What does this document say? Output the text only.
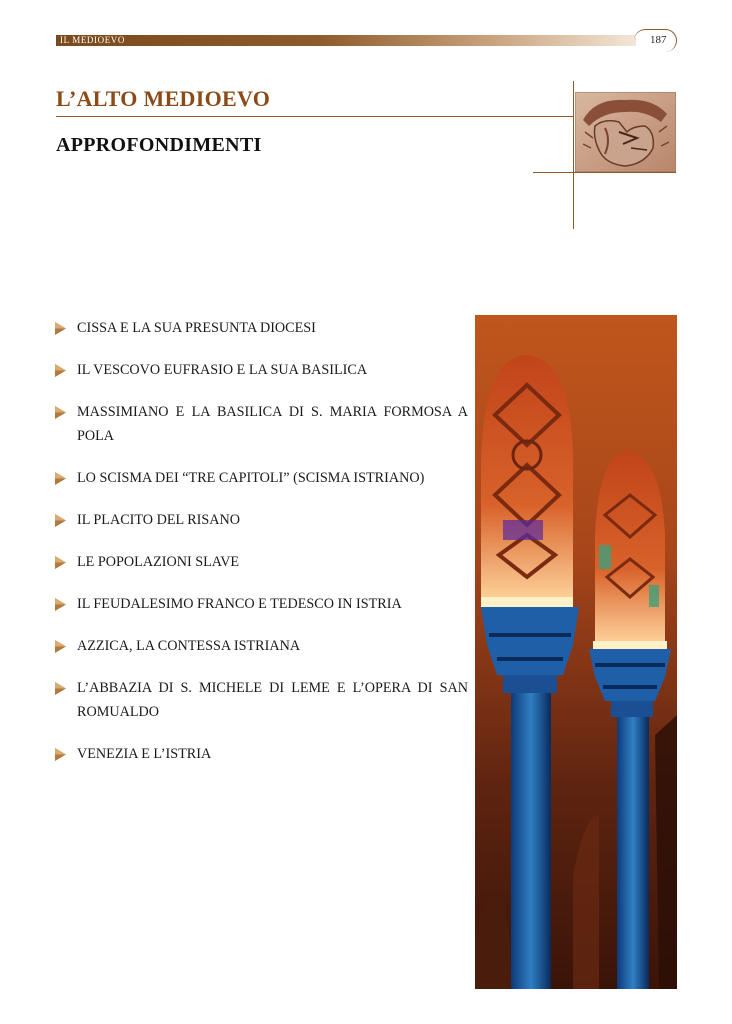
IL MEDIOEVO	187
L’ALTO MEDIOEVO
APPROFONDIMENTI
CISSA E LA SUA PRESUNTA DIOCESI
IL VESCOVO EUFRASIO E LA SUA BASILICA
MASSIMIANO E LA BASILICA DI S. MARIA FORMOSA A POLA
LO SCISMA DEI “TRE CAPITOLI” (SCISMA ISTRIANO)
IL PLACITO DEL RISANO
LE POPOLAZIONI SLAVE
IL FEUDALESIMO FRANCO E TEDESCO IN ISTRIA
AZZICA, LA CONTESSA ISTRIANA
L’ABBAZIA DI S. MICHELE DI LEME E L’OPERA DI SAN ROMUALDO
VENEZIA E L’ISTRIA
